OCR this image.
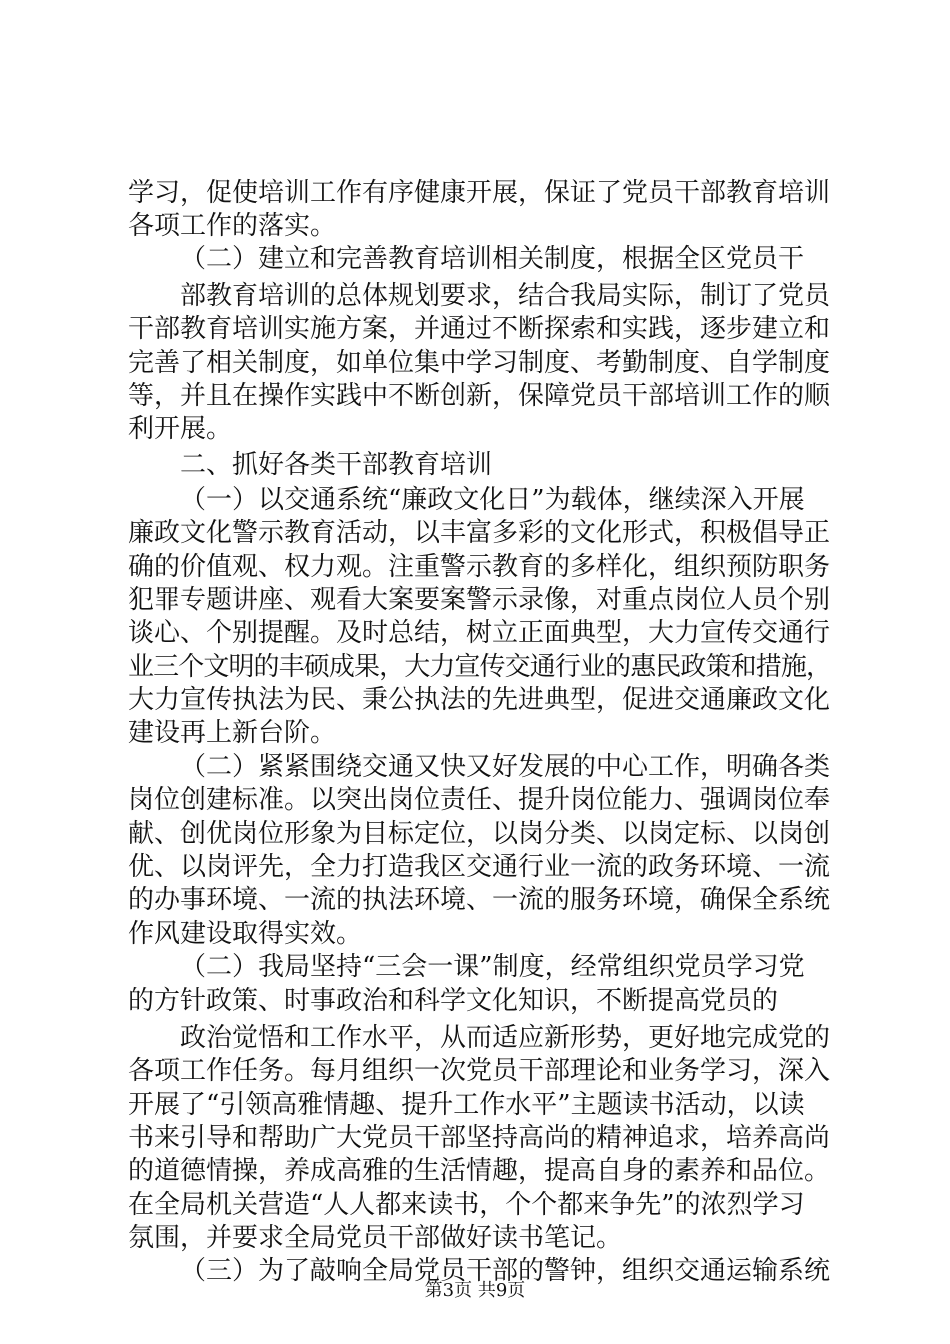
学习，促使培训工作有序健康开展，保证了党员干部教育培训
各项工作的落实。
（二）建立和完善教育培训相关制度，根据全区党员干
部教育培训的总体规划要求，结合我局实际，制订了党员
干部教育培训实施方案，并通过不断探索和实践，逐步建立和
完善了相关制度，如单位集中学习制度、考勤制度、自学制度
等，并且在操作实践中不断创新，保障党员干部培训工作的顺
利开展。
二、抓好各类干部教育培训
（一）以交通系统“廉政文化日”为载体，继续深入开展
廉政文化警示教育活动，以丰富多彩的文化形式，积极倡导正
确的价值观、权力观。注重警示教育的多样化，组织预防职务
犯罪专题讲座、观看大案要案警示录像，对重点岗位人员个别
谈心、个别提醒。及时总结，树立正面典型，大力宣传交通行
业三个文明的丰硕成果，大力宣传交通行业的惠民政策和措施，
大力宣传执法为民、秉公执法的先进典型，促进交通廉政文化
建设再上新台阶。
（二）紧紧围绕交通又快又好发展的中心工作，明确各类
岗位创建标准。以突出岗位责任、提升岗位能力、强调岗位奉
献、创优岗位形象为目标定位，以岗分类、以岗定标、以岗创
优、以岗评先，全力打造我区交通行业一流的政务环境、一流
的办事环境、一流的执法环境、一流的服务环境，确保全系统
作风建设取得实效。
（二）我局坚持“三会一课”制度，经常组织党员学习党
的方针政策、时事政治和科学文化知识，不断提高党员的
政治觉悟和工作水平，从而适应新形势，更好地完成党的
各项工作任务。每月组织一次党员干部理论和业务学习，深入
开展了“引领高雅情趣、提升工作水平”主题读书活动，以读
书来引导和帮助广大党员干部坚持高尚的精神追求，培养高尚
的道德情操，养成高雅的生活情趣，提高自身的素养和品位。
在全局机关营造“人人都来读书，个个都来争先”的浓烈学习
氛围，并要求全局党员干部做好读书笔记。
（三）为了敲响全局党员干部的警钟，组织交通运输系统
第3页 共9页
